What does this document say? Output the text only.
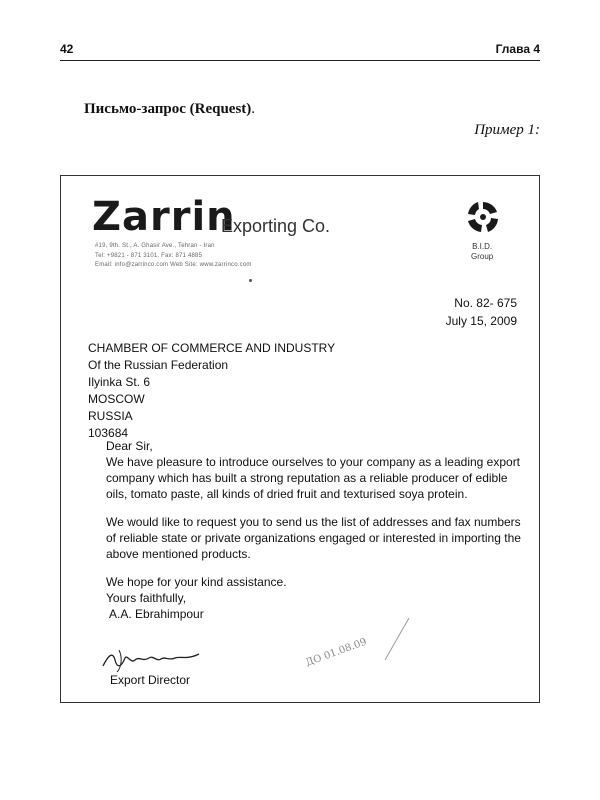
42	Глава 4
Письмо-запрос (Request).
Пример 1:
Zarrin
Exporting Co.
#19, 9th. St., A. Ghasir Ave., Tehran - Iran
Tel: +9821 - 871 3101, Fax: 871 4885
Email: info@zarrinco.com Web Site: www.zarrinco.com
B.I.D.
Group
No. 82- 675
July 15, 2009
CHAMBER OF COMMERCE AND INDUSTRY
Of the Russian Federation
Ilyinka St. 6
MOSCOW
RUSSIA
103684

Dear Sir,

We have pleasure to introduce ourselves to your company as a leading export company which has built a strong reputation as a reliable producer of edible oils, tomato paste, all kinds of dried fruit and texturised soya protein.

We would like to request you to send us the list of addresses and fax numbers of reliable state or private organizations engaged or interested in importing the above mentioned products.

We hope for your kind assistance.

Yours faithfully,

A.A. Ebrahimpour

ДО 01.08.09
Export Director
